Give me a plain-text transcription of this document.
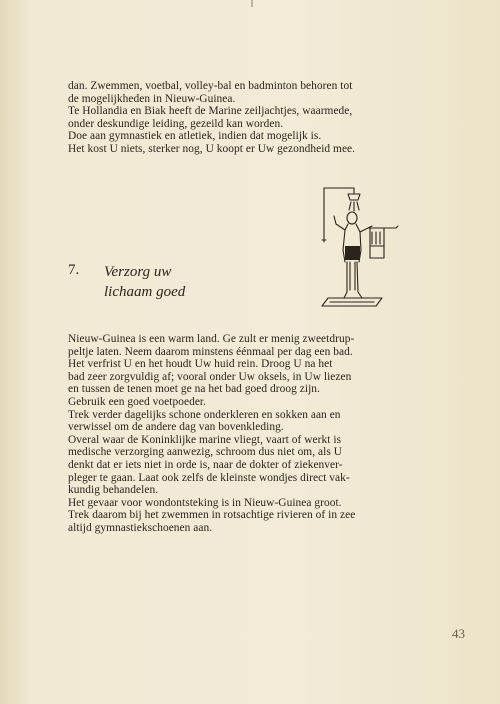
dan. Zwemmen, voetbal, volley-bal en badminton behoren tot

de mogelijkheden in Nieuw-Guinea.

Te Hollandia en Biak heeft de Marine zeiljachtjes, waarmede,

onder deskundige leiding, gezeild kan worden.

Doe aan gymnastiek en atletiek, indien dat mogelijk is.

Het kost U niets, sterker nog, U koopt er Uw gezondheid mee.

7. Verzorg uw
lichaam goed

Nieuw-Guinea is een warm land. Ge zult er menig zweetdrup-

peltje laten. Neem daarom minstens éénmaal per dag een bad.

Het verfrist U en het houdt Uw huid rein. Droog U na het

bad zeer zorgvuldig af; vooral onder Uw oksels, in Uw liezen

en tussen de tenen moet ge na het bad goed droog zijn.

Gebruik een goed voetpoeder.

Trek verder dagelijks schone onderkleren en sokken aan en

verwissel om de andere dag van bovenkleding.

Overal waar de Koninklijke marine vliegt, vaart of werkt is

medische verzorging aanwezig, schroom dus niet om, als U

denkt dat er iets niet in orde is, naar de dokter of ziekenver-

pleger te gaan. Laat ook zelfs de kleinste wondjes direct vak-

kundig behandelen.

Het gevaar voor wondontsteking is in Nieuw-Guinea groot.

Trek daarom bij het zwemmen in rotsachtige rivieren of in zee

altijd gymnastiekschoenen aan.

43
